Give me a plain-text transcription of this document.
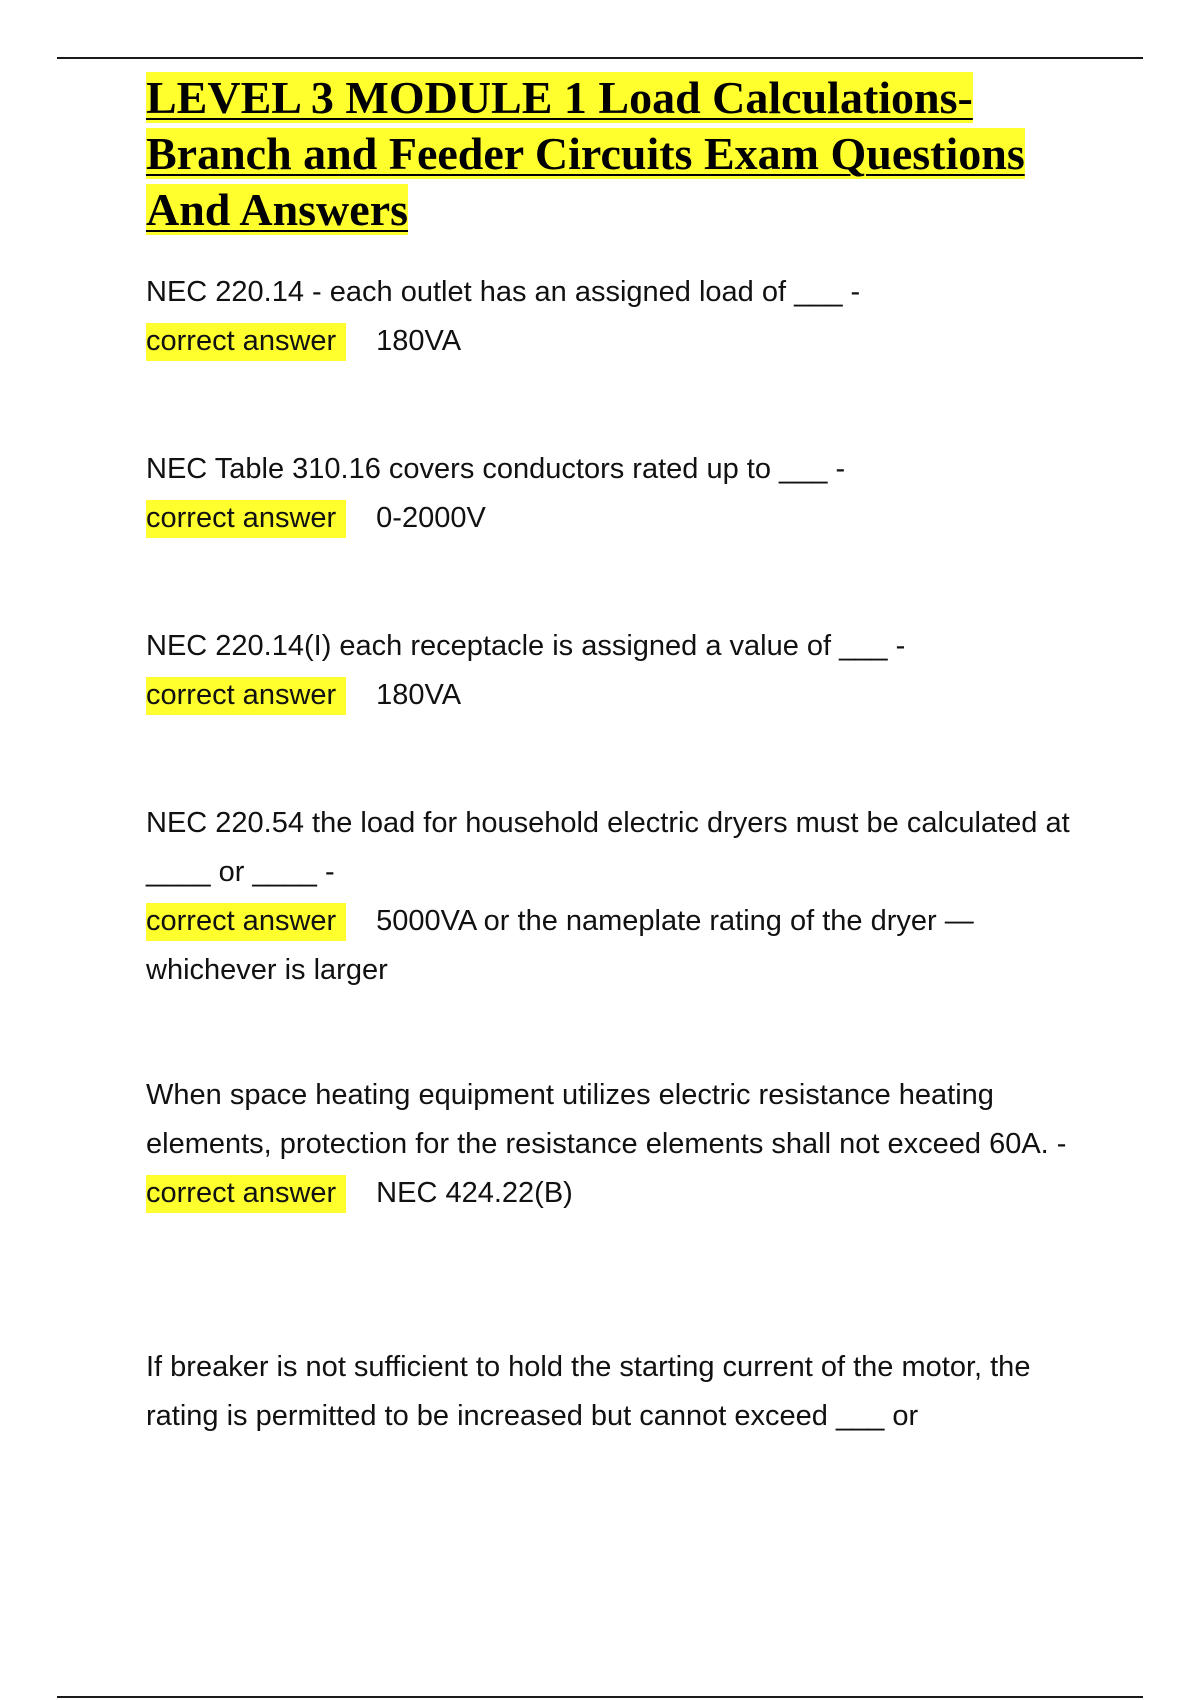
LEVEL 3 MODULE 1 Load Calculations-Branch and Feeder Circuits Exam Questions And Answers
NEC 220.14 - each outlet has an assigned load of ___ -
correct answer 180VA
NEC Table 310.16 covers conductors rated up to ___ -
correct answer 0-2000V
NEC 220.14(I) each receptacle is assigned a value of ___ -
correct answer 180VA
NEC 220.54 the load for household electric dryers must be calculated at ____ or ____ -
correct answer 5000VA or the nameplate rating of the dryer — whichever is larger
When space heating equipment utilizes electric resistance heating elements, protection for the resistance elements shall not exceed 60A. -
correct answer NEC 424.22(B)
If breaker is not sufficient to hold the starting current of the motor, the rating is permitted to be increased but cannot exceed ___ or
